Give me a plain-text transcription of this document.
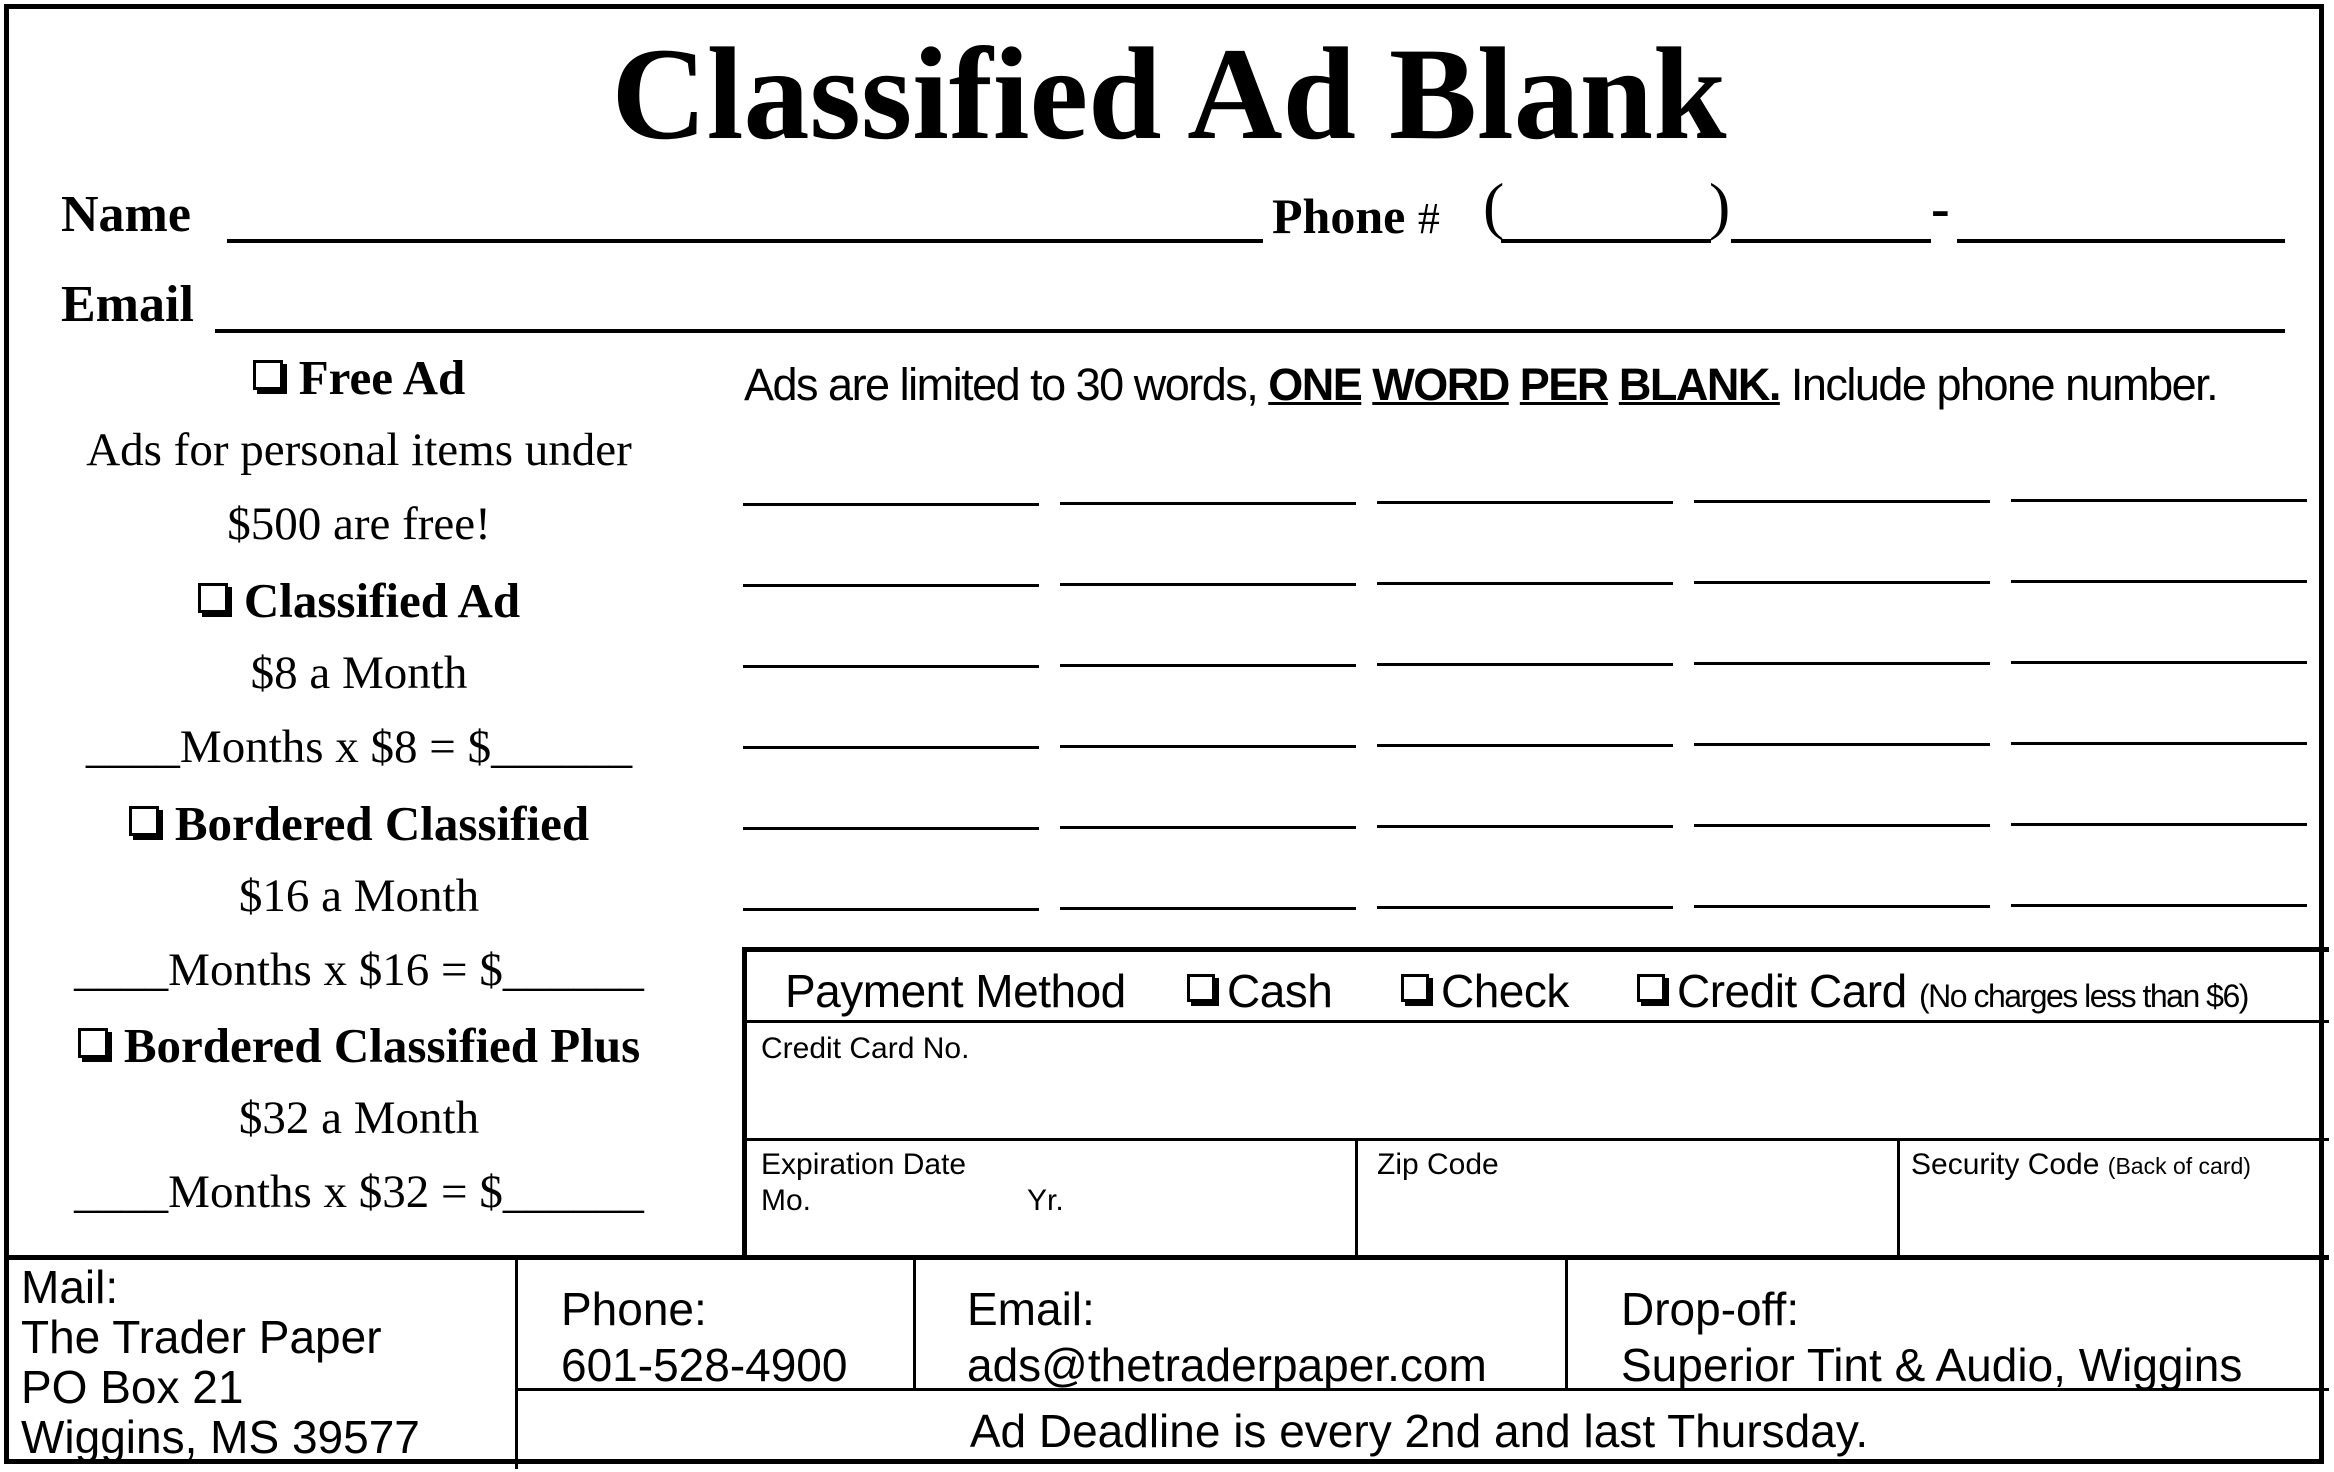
Classified Ad Blank
Name	Phone # (	)	-
Email
Free Ad
Ads for personal items under
$500 are free!
Classified Ad
$8 a Month
____Months x $8 = $______
Bordered Classified
$16 a Month
____Months x $16 = $______
Bordered Classified Plus
$32 a Month
____Months x $32 = $______
Ads are limited to 30 words, ONE WORD PER BLANK. Include phone number.
Payment Method	Cash	Check	Credit Card (No charges less than $6)
Credit Card No.
Expiration Date
Mo.	Yr.
Zip Code	Security Code (Back of card)
Mail:
The Trader Paper
PO Box 21
Wiggins, MS 39577
Phone:
601-528-4900
Email:
ads@thetraderpaper.com
Drop-off:
Superior Tint & Audio, Wiggins
Ad Deadline is every 2nd and last Thursday.
